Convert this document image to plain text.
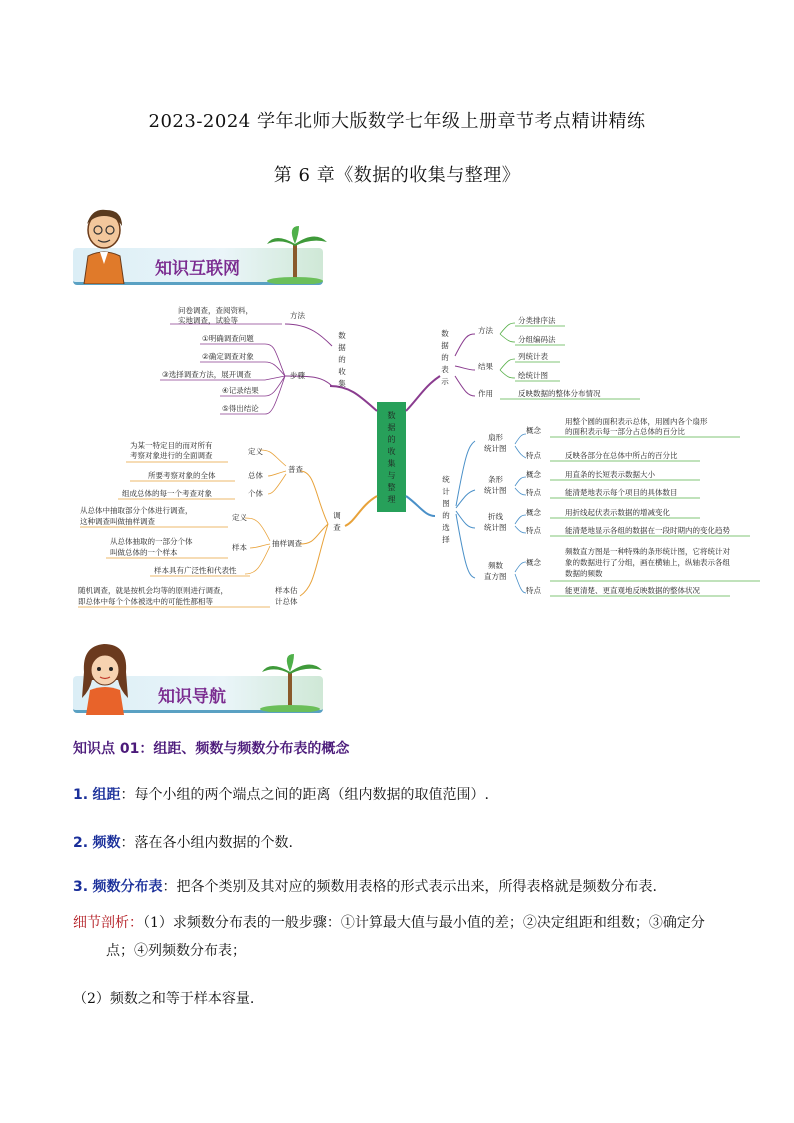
2023-2024 学年北师大版数学七年级上册章节考点精讲精练
第 6 章《数据的收集与整理》
知识互联网
数
据
的
收
集
与
整
理
数
据
的
收
集
方法
问卷调查，查阅资料，
实地调查，试验等
步骤
①明确调查问题
②确定调查对象
③选择调查方法，展开调查
④记录结果
⑤得出结论
调
查
普查
定义
为某一特定目的而对所有
考察对象进行的全面调查
总体
所要考察对象的全体
个体
组成总体的每一个考查对象
抽样调查
定义
从总体中抽取部分个体进行调查，
这种调查叫做抽样调查
样本
从总体抽取的一部分个体
叫做总体的一个样本
样本具有广泛性和代表性
样本估
计总体
随机调查，就是按机会均等的原则进行调查，
即总体中每个个体被选中的可能性都相等
数
据
的
表
示
方法
结果
作用
分类排序法
分组编码法
列统计表
绘统计图
反映数据的整体分布情况
统
计
图
的
选
择
扇形
统计图
条形
统计图
折线
统计图
频数
直方图
概念
用整个圆的面积表示总体，用圆内各个扇形
的面积表示每一部分占总体的百分比
特点	反映各部分在总体中所占的百分比
概念	用直条的长短表示数据大小
特点	能清楚地表示每个项目的具体数目
概念	用折线起伏表示数据的增减变化
特点	能清楚地显示各组的数据在一段时期内的变化趋势
概念
频数直方图是一种特殊的条形统计图，它将统计对
象的数据进行了分组，画在横轴上，纵轴表示各组
数据的频数
特点	能更清楚、更直观地反映数据的整体状况
知识导航
知识点 01：组距、频数与频数分布表的概念
1. 组距：每个小组的两个端点之间的距离（组内数据的取值范围）.
2. 频数：落在各小组内数据的个数.
3. 频数分布表：把各个类别及其对应的频数用表格的形式表示出来，所得表格就是频数分布表.
细节剖析：（1）求频数分布表的一般步骤：①计算最大值与最小值的差；②决定组距和组数；③确定分
点；④列频数分布表；
（2）频数之和等于样本容量.
